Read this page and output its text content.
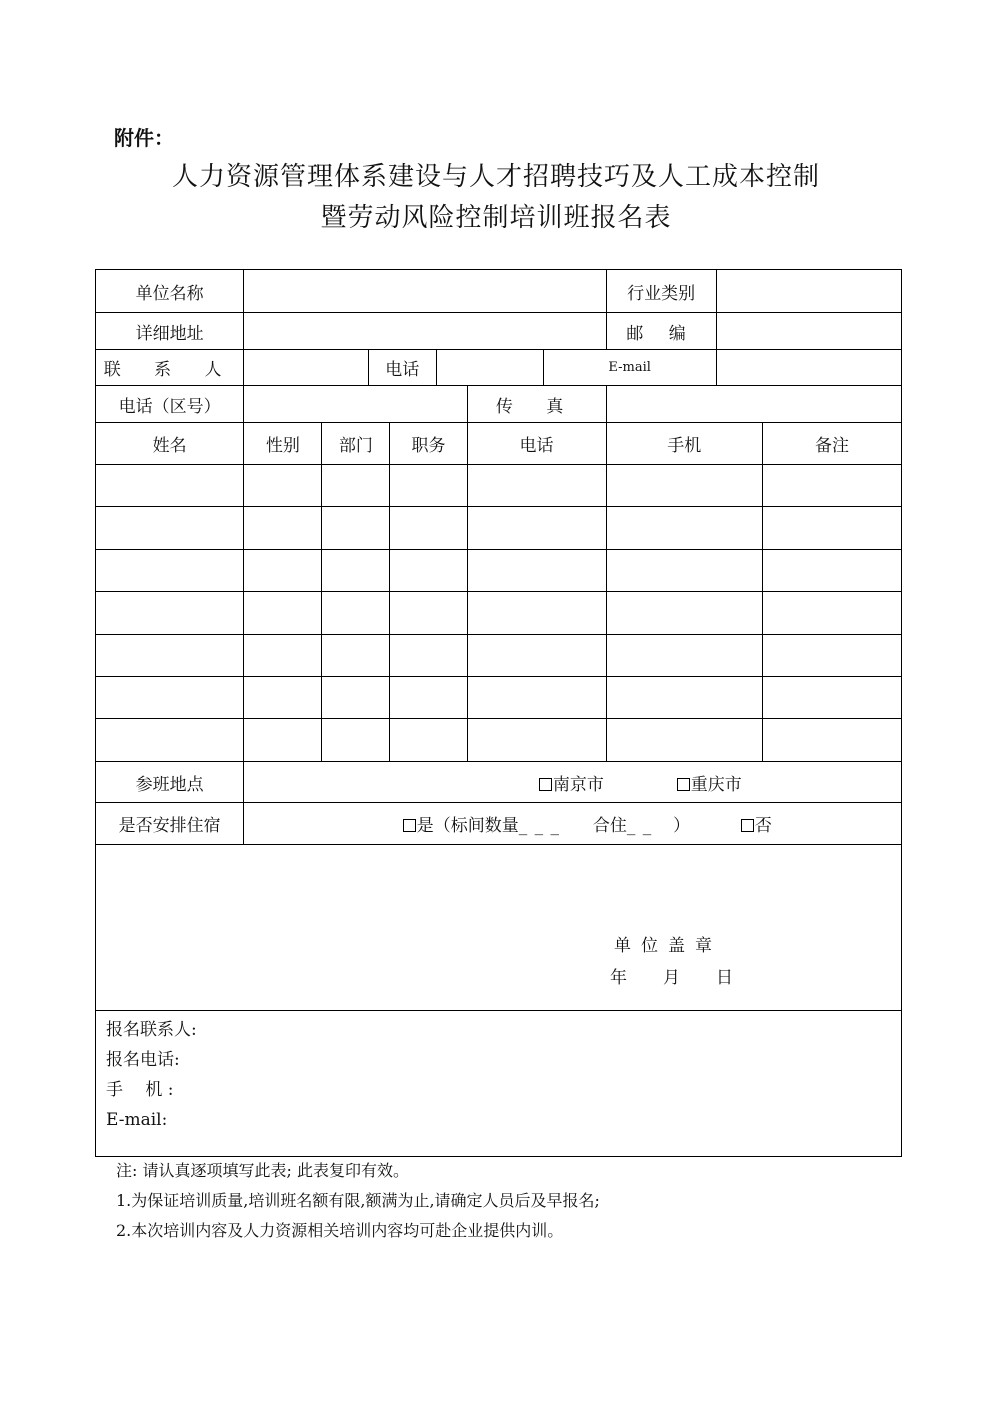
附件：
人力资源管理体系建设与人才招聘技巧及人工成本控制
暨劳动风险控制培训班报名表
单位名称								行业类别		
详细地址								邮 编		
联 系 人			电话				E-mail			
电话（区号）						传 真				
姓名	性别	部门		职务		电话		手机		备注

参班地点	南京市 重庆市									
是否安排住宿	是（标间数量_ _ _ 合住_ _ ） 否									

单位盖章
年 月 日										

报名联系人:
报名电话:
手　 机 :
E-mail:										
注: 请认真逐项填写此表; 此表复印有效。
1.为保证培训质量,培训班名额有限,额满为止,请确定人员后及早报名;
2.本次培训内容及人力资源相关培训内容均可赴企业提供内训。
